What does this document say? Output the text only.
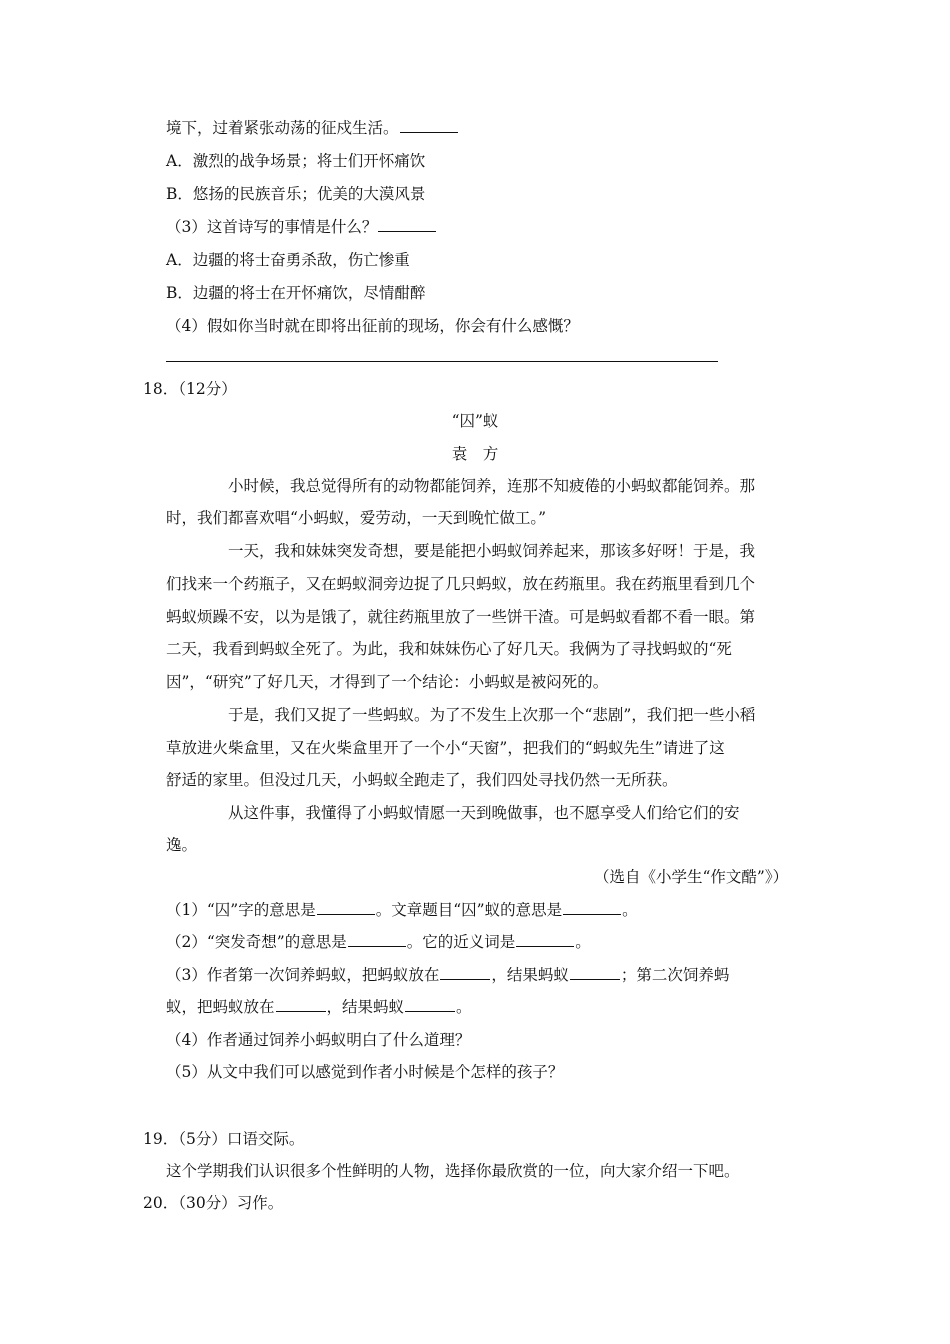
境下，过着紧张动荡的征戍生活。
A．激烈的战争场景；将士们开怀痛饮
B．悠扬的民族音乐；优美的大漠风景
（3）这首诗写的事情是什么？
A．边疆的将士奋勇杀敌，伤亡惨重
B．边疆的将士在开怀痛饮，尽情酣醉
（4）假如你当时就在即将出征前的现场，你会有什么感慨？
18．（12分）
“囚”蚁
袁　方
小时候，我总觉得所有的动物都能饲养，连那不知疲倦的小蚂蚁都能饲养。那
时，我们都喜欢唱“小蚂蚁，爱劳动，一天到晚忙做工。”
一天，我和妹妹突发奇想，要是能把小蚂蚁饲养起来，那该多好呀！于是，我
们找来一个药瓶子，又在蚂蚁洞旁边捉了几只蚂蚁，放在药瓶里。我在药瓶里看到几个
蚂蚁烦躁不安，以为是饿了，就往药瓶里放了一些饼干渣。可是蚂蚁看都不看一眼。第
二天，我看到蚂蚁全死了。为此，我和妹妹伤心了好几天。我俩为了寻找蚂蚁的“死
因”，“研究”了好几天，才得到了一个结论：小蚂蚁是被闷死的。
于是，我们又捉了一些蚂蚁。为了不发生上次那一个“悲剧”，我们把一些小稻
草放进火柴盒里，又在火柴盒里开了一个小“天窗”，把我们的“蚂蚁先生”请进了这
舒适的家里。但没过几天，小蚂蚁全跑走了，我们四处寻找仍然一无所获。
从这件事，我懂得了小蚂蚁情愿一天到晚做事，也不愿享受人们给它们的安
逸。
（选自《小学生“作文酷”》）
（1）“囚”字的意思是	。文章题目“囚”蚁的意思是	。
（2）“突发奇想”的意思是	。它的近义词是	。
（3）作者第一次饲养蚂蚁，把蚂蚁放在	，结果蚂蚁	；第二次饲养蚂
蚁，把蚂蚁放在	，结果蚂蚁	。
（4）作者通过饲养小蚂蚁明白了什么道理？
（5）从文中我们可以感觉到作者小时候是个怎样的孩子？
19．（5分）口语交际。
这个学期我们认识很多个性鲜明的人物，选择你最欣赏的一位，向大家介绍一下吧。
20．（30分）习作。
